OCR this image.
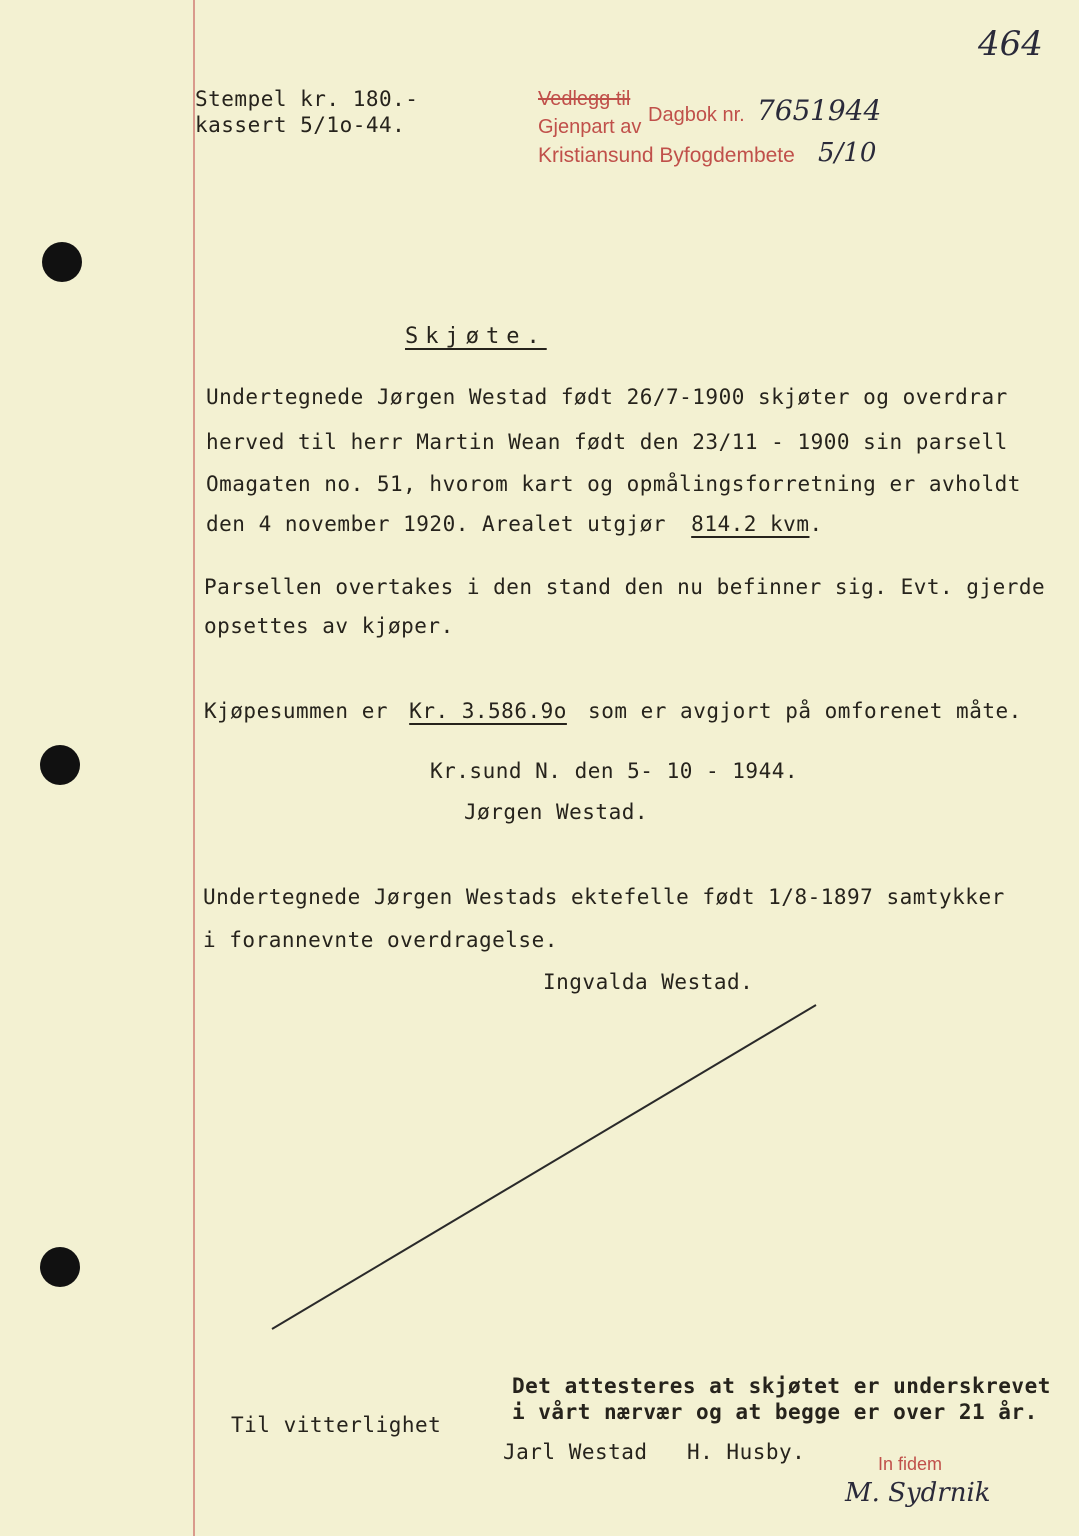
464
Stempel kr. 180.-
kassert 5/1o-44.
Vedlegg til
Gjenpart av
Dagbok nr. 765 1944
Kristiansund Byfogdembete 5/10
Skjøte.
Undertegnede Jørgen Westad født 26/7-1900 skjøter og overdrar
herved til herr Martin Wean født den 23/11 - 1900 sin parsell
Omagaten no. 51, hvorom kart og opmålingsforretning er avholdt
den 4 november 1920. Arealet utgjør 814.2 kvm.
Parsellen overtakes i den stand den nu befinner sig. Evt. gjerde
opsettes av kjøper.
Kjøpesummen er Kr. 3.586.9o som er avgjort på omforenet måte.
Kr.sund N. den 5- 10 - 1944.
Jørgen Westad.
Undertegnede Jørgen Westads ektefelle født 1/8-1897 samtykker
i forannevnte overdragelse.
Ingvalda Westad.
Det attesteres at skjøtet er underskrevet
i vårt nærvær og at begge er over 21 år.
Til vitterlighet
Jarl Westad   H. Husby.	In fidem
M. Sydrnik
